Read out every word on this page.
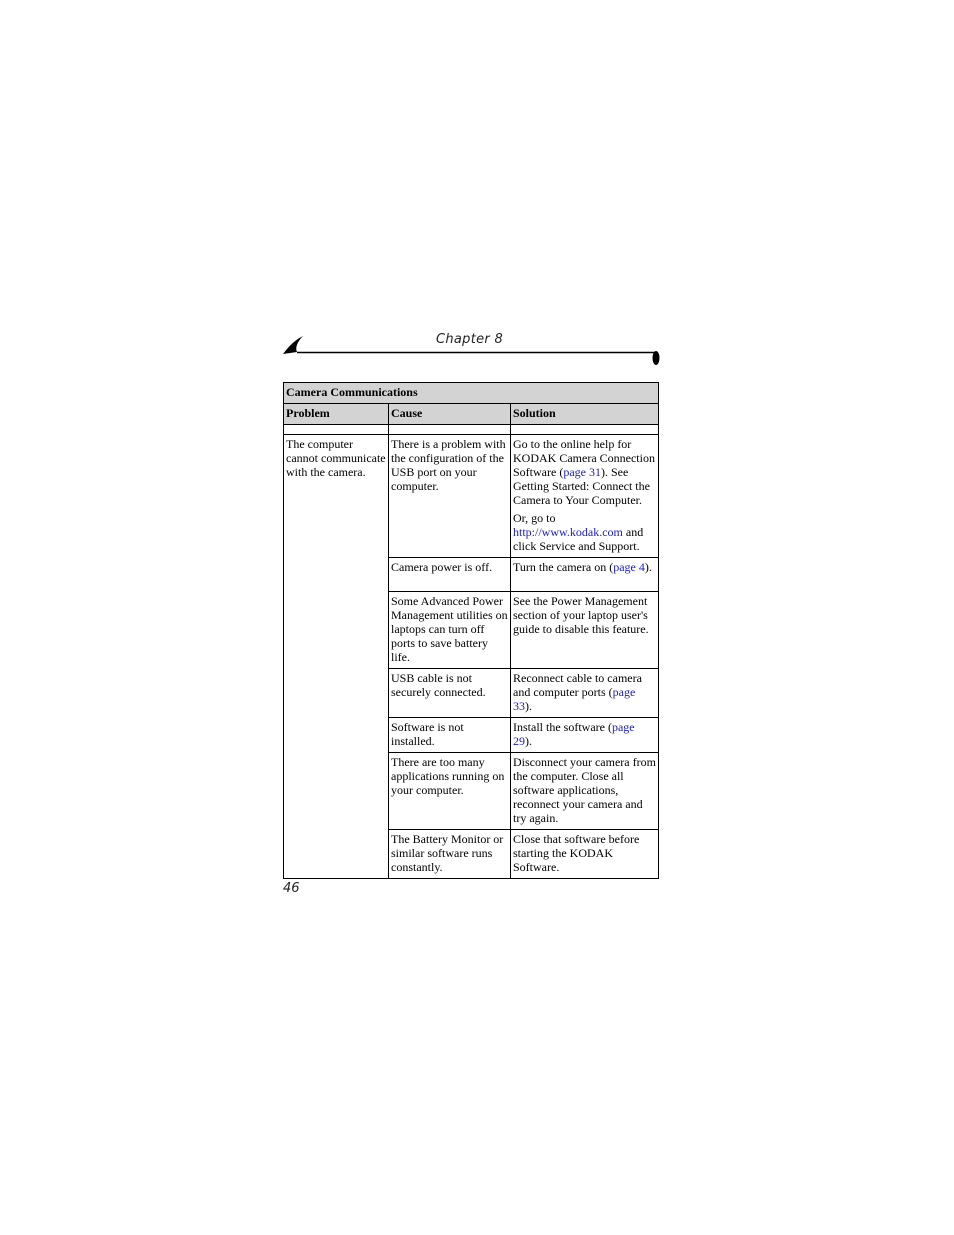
Chapter 8
Camera Communications		
Problem	Cause	Solution

The computer cannot communicate with the camera.	There is a problem with the configuration of the USB port on your computer.	Go to the online help for KODAK Camera Connection Software (page 31). See Getting Started: Connect the Camera to Your Computer.

Or, go to http://www.kodak.com and click Service and Support.

	Camera power is off.	Turn the camera on (page 4).
	Some Advanced Power Management utilities on laptops can turn off ports to save battery life.	See the Power Management section of your laptop user's guide to disable this feature.
	USB cable is not securely connected.	Reconnect cable to camera and computer ports (page 33).
	Software is not installed.	Install the software (page 29).
	There are too many applications running on your computer.	Disconnect your camera from the computer. Close all software applications, reconnect your camera and try again.
	The Battery Monitor or similar software runs constantly.	Close that software before starting the KODAK Software.
46
